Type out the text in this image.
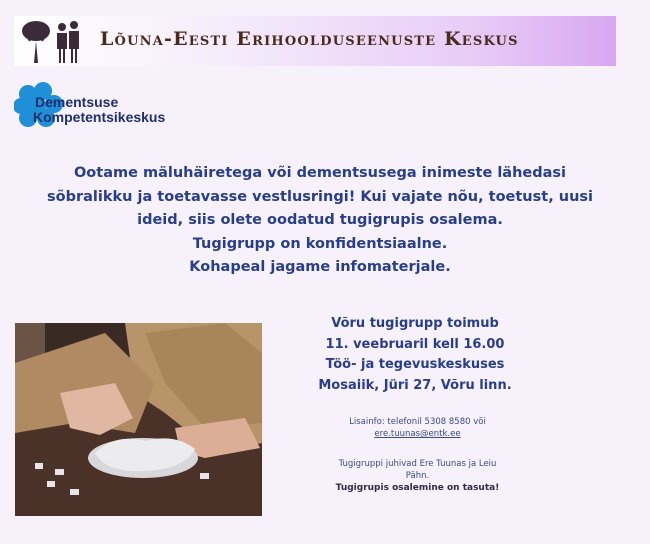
Lõuna-Eesti Erihoolduseenuste Keskus
Dementsuse
Kompetentsikeskus
Ootame mäluhäiretega või dementsusega inimeste lähedasi
sõbralikku ja toetavasse vestlusringi! Kui vajate nõu, toetust, uusi
ideid, siis olete oodatud tugigrupis osalema.
Tugigrupp on konfidentsiaalne.
Kohapeal jagame infomaterjale.
Võru tugigrupp toimub
11. veebruaril kell 16.00
Töö- ja tegevuskeskuses
Mosaiik, Jüri 27, Võru linn.
Lisainfo: telefonil 5308 8580 või
ere.tuunas@entk.ee
Tugigruppi juhivad Ere Tuunas ja Leiu
Pähn.
Tugigrupis osalemine on tasuta!
